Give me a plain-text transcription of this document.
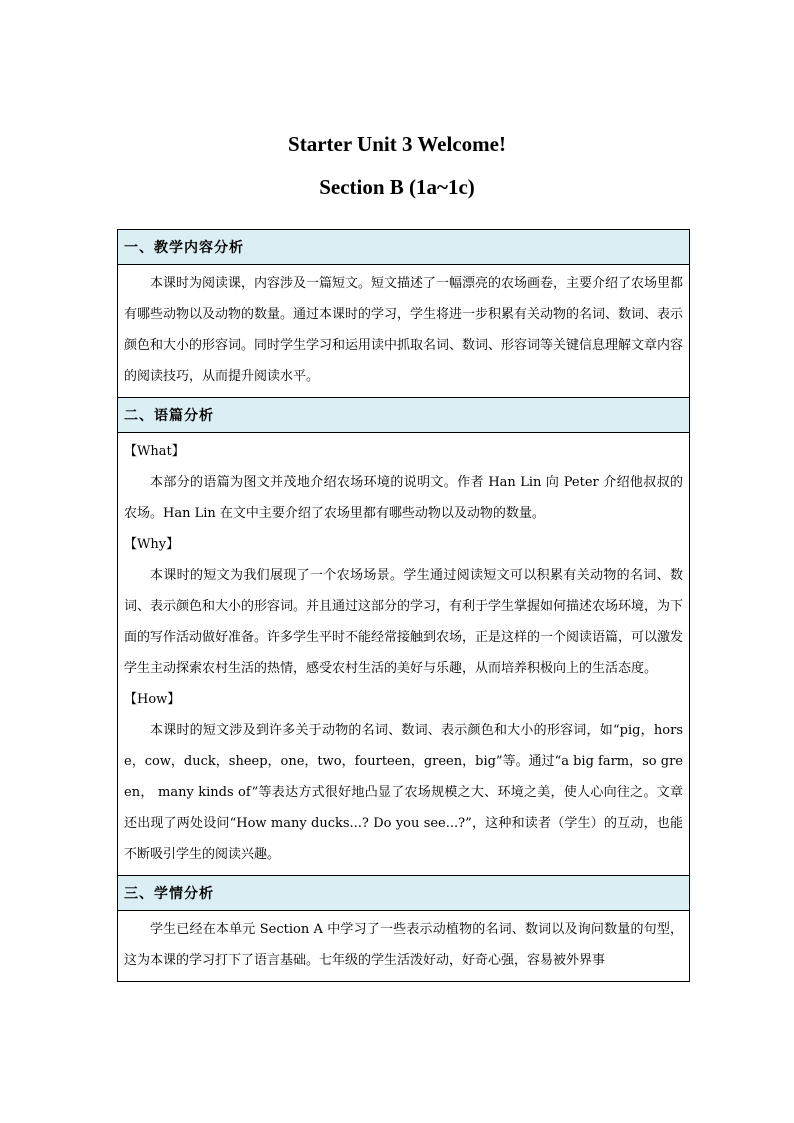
Starter Unit 3 Welcome!
Section B (1a~1c)
一、教学内容分析

本课时为阅读课，内容涉及一篇短文。短文描述了一幅漂亮的农场画卷，主要介绍了农场里都有哪些动物以及动物的数量。通过本课时的学习，学生将进一步积累有关动物的名词、数词、表示颜色和大小的形容词。同时学生学习和运用读中抓取名词、数词、形容词等关键信息理解文章内容的阅读技巧，从而提升阅读水平。

二、语篇分析

【What】

本部分的语篇为图文并茂地介绍农场环境的说明文。作者 Han Lin 向 Peter 介绍他叔叔的农场。Han Lin 在文中主要介绍了农场里都有哪些动物以及动物的数量。

【Why】

本课时的短文为我们展现了一个农场场景。学生通过阅读短文可以积累有关动物的名词、数词、表示颜色和大小的形容词。并且通过这部分的学习，有利于学生掌握如何描述农场环境，为下面的写作活动做好准备。许多学生平时不能经常接触到农场，正是这样的一个阅读语篇，可以激发学生主动探索农村生活的热情，感受农村生活的美好与乐趣，从而培养积极向上的生活态度。

【How】

本课时的短文涉及到许多关于动物的名词、数词、表示颜色和大小的形容词，如“pig，horse，cow，duck，sheep，one，two，fourteen，green，big”等。通过“a big farm，so green， many kinds of”等表达方式很好地凸显了农场规模之大、环境之美，使人心向往之。文章还出现了两处设问“How many ducks...? Do you see...?”，这种和读者（学生）的互动，也能不断吸引学生的阅读兴趣。

三、学情分析

学生已经在本单元 Section A 中学习了一些表示动植物的名词、数词以及询问数量的句型，这为本课的学习打下了语言基础。七年级的学生活泼好动，好奇心强，容易被外界事
